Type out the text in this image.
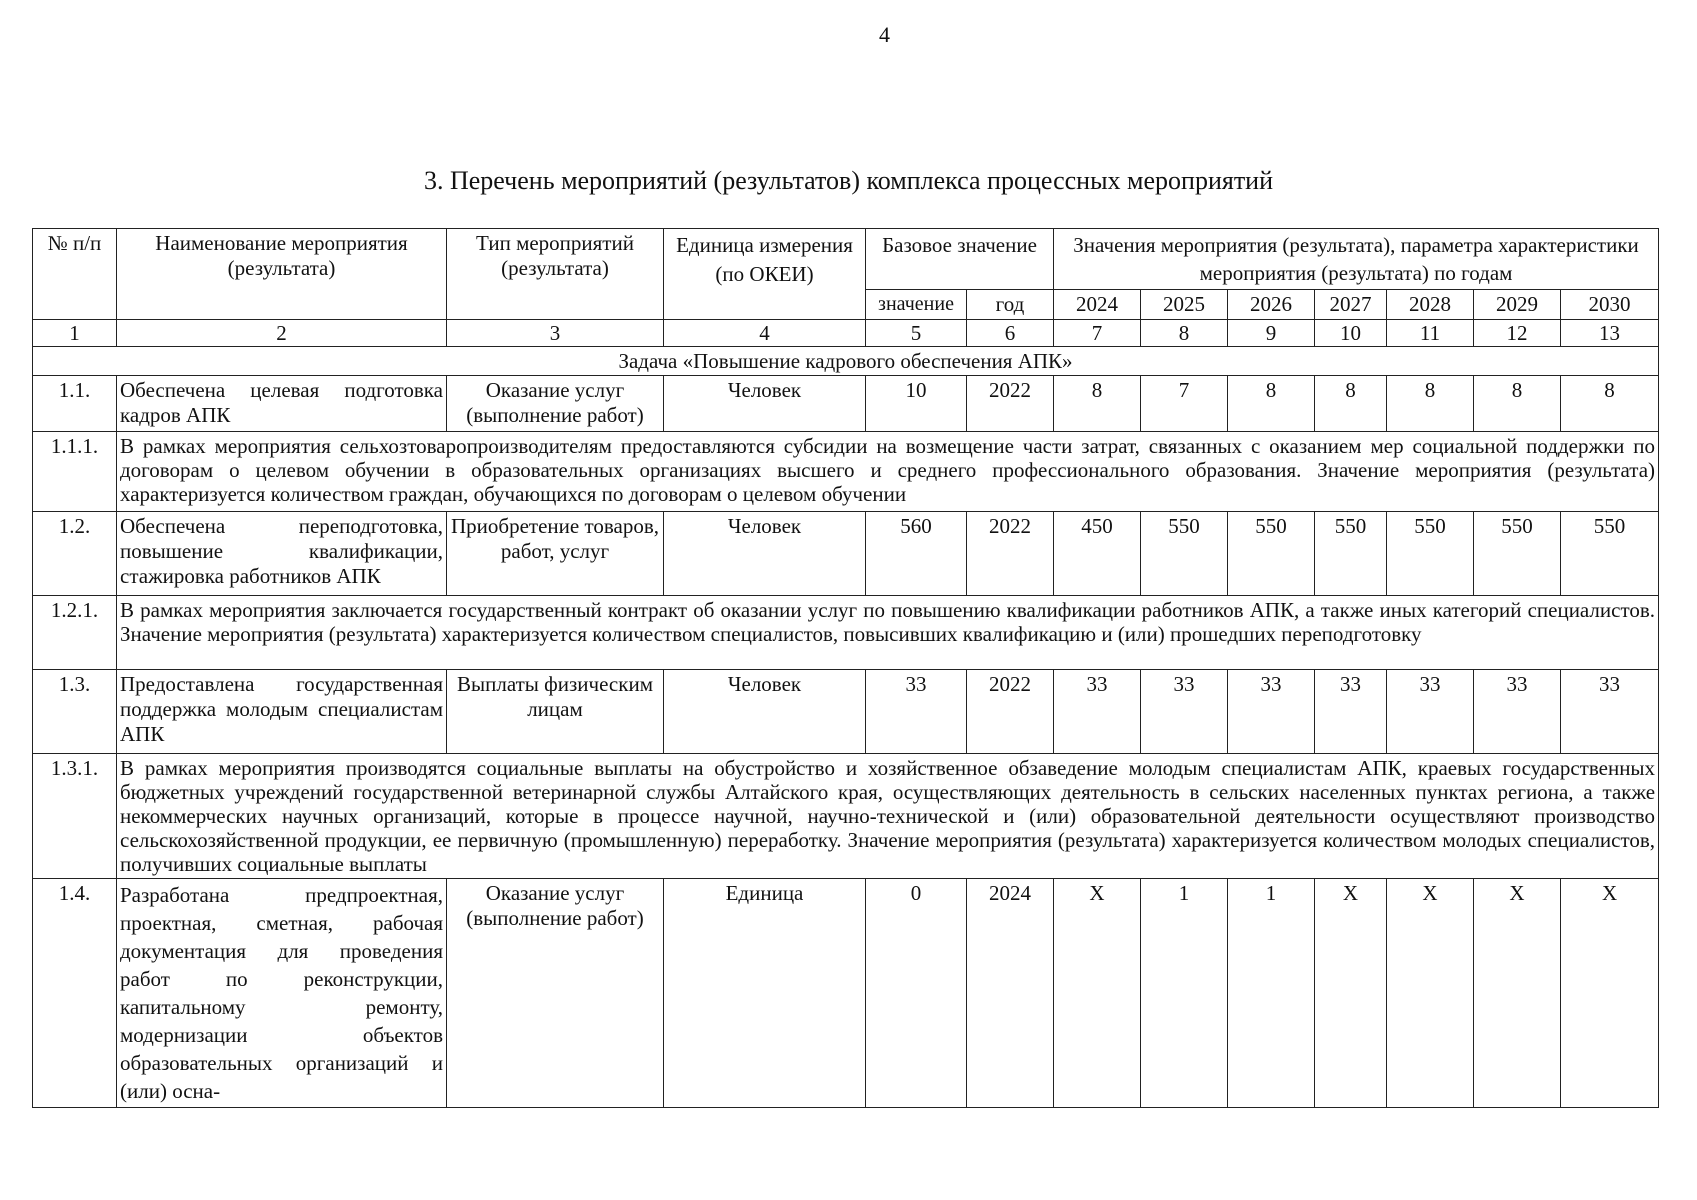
4
3. Перечень мероприятий (результатов) комплекса процессных мероприятий
№ п/п	Наименование мероприятия (результата)	Тип мероприятий (результата)	Единица измерения (по ОКЕИ)	Базовое значение		Значения мероприятия (результата), параметра характеристики мероприятия (результата) по годам						
				значение	год	2024	2025	2026	2027	2028	2029	2030
1	2	3	4	5	6	7	8	9	10	11	12	13
Задача «Повышение кадрового обеспечения АПК»												
1.1.	Обеспечена целевая подготовка кадров АПК	Оказание услуг (выполнение работ)	Человек	10	2022	8	7	8	8	8	8	8
1.1.1.	В рамках мероприятия сельхозтоваропроизводителям предоставляются субсидии на возмещение части затрат, связанных с оказанием мер социальной поддержки по договорам о целевом обучении в образовательных организациях высшего и среднего профессионального образования. Значение мероприятия (результата) характеризуется количеством граждан, обучающихся по договорам о целевом обучении											
1.2.	Обеспечена переподготовка, повышение квалификации, стажировка работников АПК	Приобретение товаров, работ, услуг	Человек	560	2022	450	550	550	550	550	550	550
1.2.1.	В рамках мероприятия заключается государственный контракт об оказании услуг по повышению квалификации работников АПК, а также иных категорий специалистов. Значение мероприятия (результата) характеризуется количеством специалистов, повысивших квалификацию и (или) прошедших переподготовку											
1.3.	Предоставлена государственная поддержка молодым специалистам АПК	Выплаты физическим лицам	Человек	33	2022	33	33	33	33	33	33	33
1.3.1.	В рамках мероприятия производятся социальные выплаты на обустройство и хозяйственное обзаведение молодым специалистам АПК, краевых государственных бюджетных учреждений государственной ветеринарной службы Алтайского края, осуществляющих деятельность в сельских населенных пунктах региона, а также некоммерческих научных организаций, которые в процессе научной, научно-технической и (или) образовательной деятельности осуществляют производство сельскохозяйственной продукции, ее первичную (промышленную) переработку. Значение мероприятия (результата) характеризуется количеством молодых специалистов, получивших социальные выплаты											
1.4.	Разработана предпроектная, проектная, сметная, рабочая документация для проведения работ по реконструкции, капитальному ремонту, модернизации объектов образовательных организаций и (или) осна-	Оказание услуг (выполнение работ)	Единица	0	2024	X	1	1	X	X	X	X
